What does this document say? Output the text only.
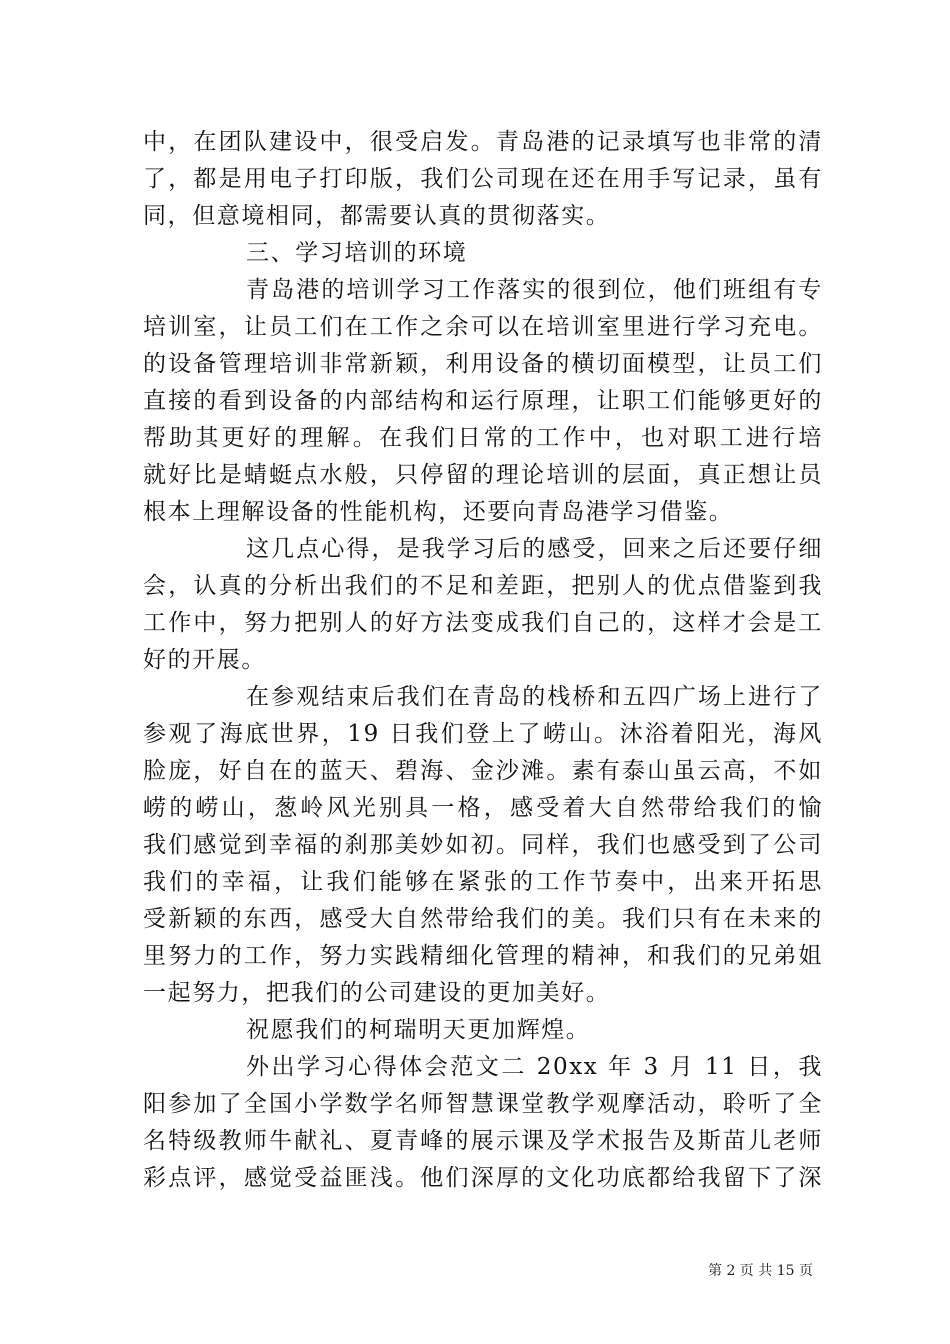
中，在团队建设中，很受启发。青岛港的记录填写也非常的清
了，都是用电子打印版，我们公司现在还在用手写记录，虽有
同，但意境相同，都需要认真的贯彻落实。
三、学习培训的环境
青岛港的培训学习工作落实的很到位，他们班组有专
培训室，让员工们在工作之余可以在培训室里进行学习充电。
的设备管理培训非常新颖，利用设备的横切面模型，让员工们
直接的看到设备的内部结构和运行原理，让职工们能够更好的
帮助其更好的理解。在我们日常的工作中，也对职工进行培
就好比是蜻蜓点水般，只停留的理论培训的层面，真正想让员
根本上理解设备的性能机构，还要向青岛港学习借鉴。
这几点心得，是我学习后的感受，回来之后还要仔细
会，认真的分析出我们的不足和差距，把别人的优点借鉴到我
工作中，努力把别人的好方法变成我们自己的，这样才会是工
好的开展。
在参观结束后我们在青岛的栈桥和五四广场上进行了
参观了海底世界，19 日我们登上了崂山。沐浴着阳光，海风
脸庞，好自在的蓝天、碧海、金沙滩。素有泰山虽云高，不如
崂的崂山，葱岭风光别具一格，感受着大自然带给我们的愉
我们感觉到幸福的刹那美妙如初。同样，我们也感受到了公司
我们的幸福，让我们能够在紧张的工作节奏中，出来开拓思
受新颖的东西，感受大自然带给我们的美。我们只有在未来的
里努力的工作，努力实践精细化管理的精神，和我们的兄弟姐
一起努力，把我们的公司建设的更加美好。
祝愿我们的柯瑞明天更加辉煌。
外出学习心得体会范文二 20xx 年 3 月 11 日，我
阳参加了全国小学数学名师智慧课堂教学观摩活动，聆听了全
名特级教师牛献礼、夏青峰的展示课及学术报告及斯苗儿老师
彩点评，感觉受益匪浅。他们深厚的文化功底都给我留下了深
第 2 页 共 15 页
